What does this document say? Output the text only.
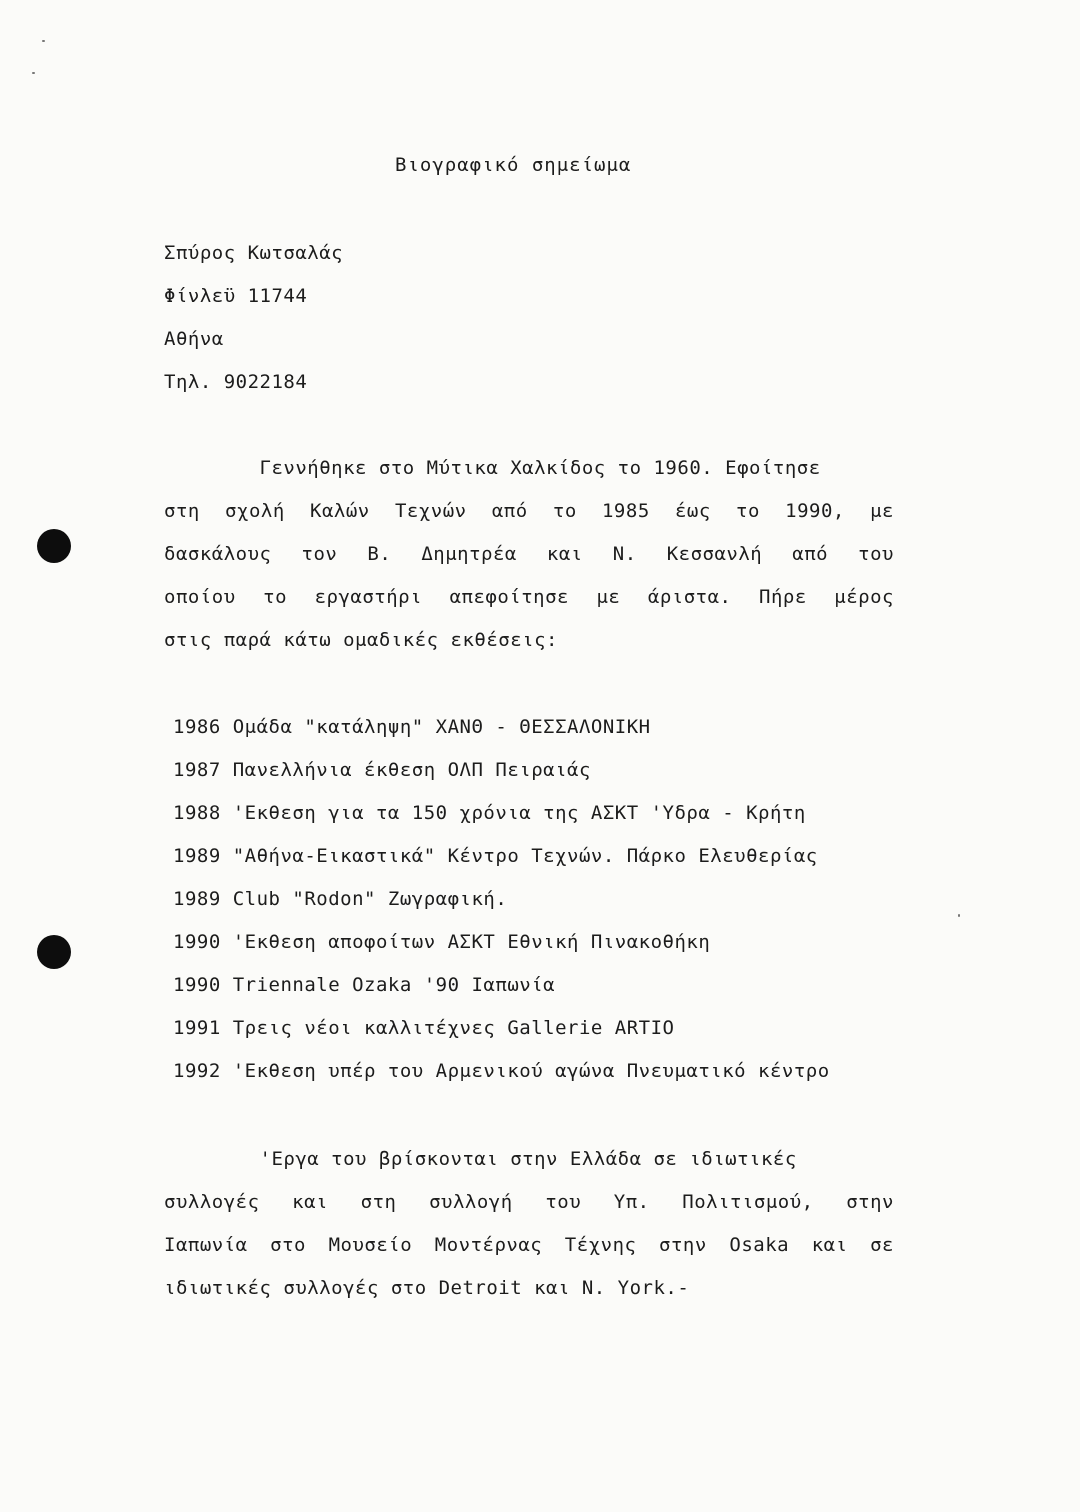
Βιογραφικό σημείωμα
Σπύρος Κωτσαλάς
Φίνλεϋ 11744
Αθήνα
Τηλ. 9022184
Γεννήθηκε στο Μύτικα Χαλκίδος το 1960. Εφοίτησε
στη σχολή Καλών Τεχνών από το 1985 έως το 1990, με
δασκάλους τον Β. Δημητρέα και Ν. Κεσσανλή από του
οποίου το εργαστήρι απεφοίτησε με άριστα. Πήρε μέρος
στις παρά κάτω ομαδικές εκθέσεις:
1986 Ομάδα "κατάληψη" ΧΑΝΘ - ΘΕΣΣΑΛΟΝΙΚΗ
1987 Πανελλήνια έκθεση ΟΛΠ Πειραιάς
1988 'Εκθεση για τα 150 χρόνια της ΑΣΚΤ 'Υδρα - Κρήτη
1989 "Αθήνα-Εικαστικά" Κέντρο Τεχνών. Πάρκο Ελευθερίας
1989 Club "Rodon" Ζωγραφική.
1990 'Εκθεση αποφοίτων ΑΣΚΤ Εθνική Πινακοθήκη
1990 Triennale Ozaka '90 Ιαπωνία
1991 Τρεις νέοι καλλιτέχνες Gallerie ARTIO
1992 'Εκθεση υπέρ του Αρμενικού αγώνα Πνευματικό κέντρο
'Εργα του βρίσκονται στην Ελλάδα σε ιδιωτικές
συλλογές και στη συλλογή του Υπ. Πολιτισμού, στην
Ιαπωνία στο Μουσείο Μοντέρνας Τέχνης στην Osaka και σε
ιδιωτικές συλλογές στο Detroit και Ν. York.-
